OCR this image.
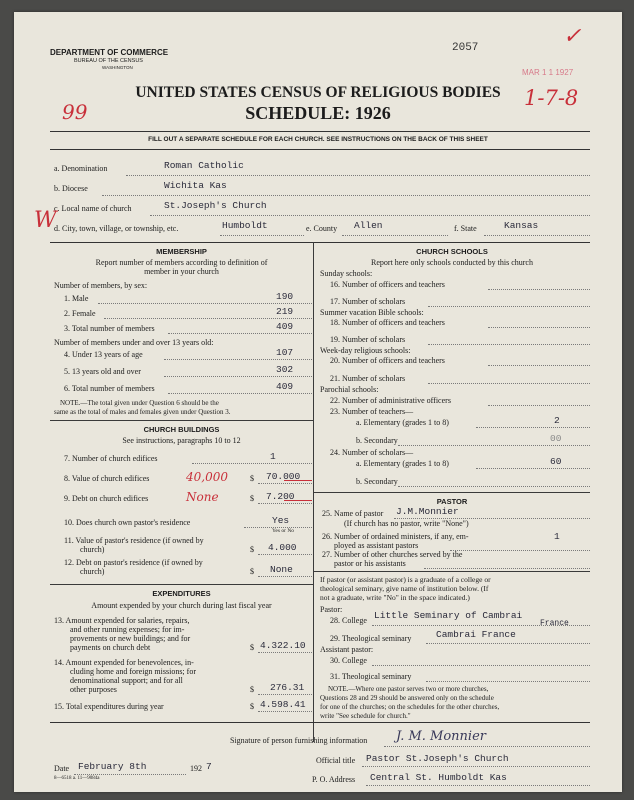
DEPARTMENT OF COMMERCE
BUREAU OF THE CENSUS
WASHINGTON
2057
MAR 1 1 1927
✓
1-7-8
99
UNITED STATES CENSUS OF RELIGIOUS BODIES
SCHEDULE: 1926
FILL OUT A SEPARATE SCHEDULE FOR EACH CHURCH. SEE INSTRUCTIONS ON THE BACK OF THIS SHEET
a. Denomination	Roman Catholic
b. Diocese	Wichita Kas
c. Local name of church	St.Joseph's Church
d. City, town, village, or township, etc.	Humboldt	e. County Allen	f. State	Kansas
W
MEMBERSHIP
Report number of members according to definition of
member in your church
Number of members, by sex:
1. Male	190
2. Female	219
3. Total number of members	409
Number of members under and over 13 years old:
4. Under 13 years of age	107
5. 13 years old and over	302
6. Total number of members	409
NOTE.—The total given under Question 6 should be the
same as the total of males and females given under Question 3.
CHURCH BUILDINGS
See instructions, paragraphs 10 to 12
7. Number of church edifices	1
8. Value of church edifices	$ 70.000
40,000
9. Debt on church edifices	$ 7.200
None
10. Does church own pastor's residence	Yes
Yes or No
11. Value of pastor's residence (if owned by
church)	$ 4.000
12. Debt on pastor's residence (if owned by
church)	$ None
EXPENDITURES
Amount expended by your church during last fiscal year
13. Amount expended for salaries, repairs,
and other running expenses; for im-
provements or new buildings; and for
payments on church debt	$ 4.322.10
14. Amount expended for benevolences, in-
cluding home and foreign missions; for
denominational support; and for all
other purposes	$ 276.31
15. Total expenditures during year	$ 4.598.41
CHURCH SCHOOLS
Report here only schools conducted by this church
Sunday schools:
16. Number of officers and teachers
17. Number of scholars
Summer vacation Bible schools:
18. Number of officers and teachers
19. Number of scholars
Week-day religious schools:
20. Number of officers and teachers
21. Number of scholars
Parochial schools:
22. Number of administrative officers
23. Number of teachers—
a. Elementary (grades 1 to 8)	2
b. Secondary	00
24. Number of scholars—
a. Elementary (grades 1 to 8)	60
b. Secondary
PASTOR
25. Name of pastor J.M.Monnier
(If church has no pastor, write "None")
26. Number of ordained ministers, if any, em-
ployed as assistant pastors
1
27. Number of other churches served by the
pastor or his assistants
If pastor (or assistant pastor) is a graduate of a college or
theological seminary, give name of institution below. (If
not a graduate, write "No" in the space indicated.)
Pastor:
28. College Little Seminary of Cambrai
France
29. Theological seminary	Cambrai France
Assistant pastor:
30. College
31. Theological seminary
NOTE.—Where one pastor serves two or more churches,
Questions 28 and 29 should be answered only on the schedule
for one of the churches; on the schedules for the other churches,
write "See schedule for church."
Signature of person furnishing information J. M. Monnier
Official title Pastor St.Joseph's Church
Date February 8th	192 7
8—6518 a. 11—9084a	P. O. Address Central St. Humboldt Kas
